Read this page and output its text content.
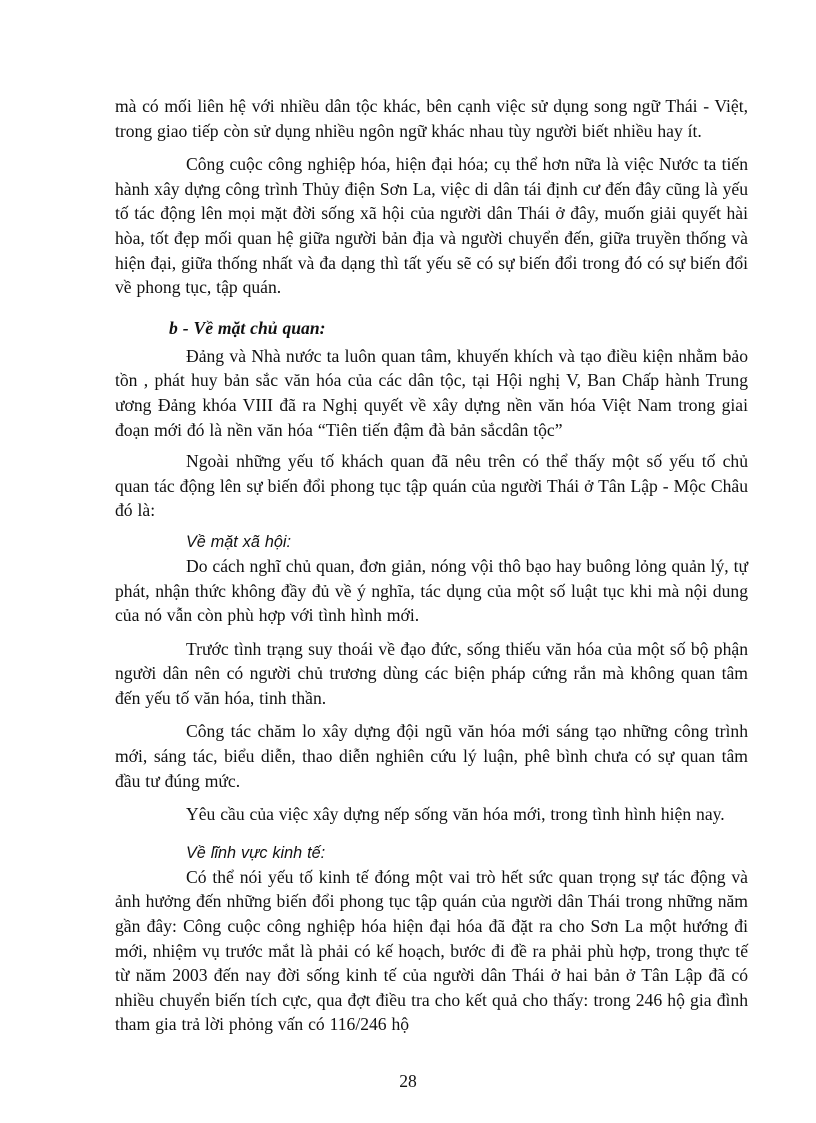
mà có mối liên hệ với nhiều dân tộc khác, bên cạnh việc sử dụng song ngữ Thái - Việt, trong giao tiếp còn sử dụng nhiều ngôn ngữ khác nhau tùy người biết nhiều hay ít.

Công cuộc công nghiệp hóa, hiện đại hóa; cụ thể hơn nữa là việc Nước ta tiến hành xây dựng công trình Thủy điện Sơn La, việc di dân tái định cư đến đây cũng là yếu tố tác động lên mọi mặt đời sống xã hội của người dân Thái ở đây, muốn giải quyết hài hòa, tốt đẹp mối quan hệ giữa người bản địa và người chuyển đến, giữa truyền thống và hiện đại, giữa thống nhất và đa dạng thì tất yếu sẽ có sự biến đổi trong đó có sự biến đổi về phong tục, tập quán.

b - Về mặt chủ quan:

Đảng và Nhà nước ta luôn quan tâm, khuyến khích và tạo điều kiện nhằm bảo tồn , phát huy bản sắc văn hóa của các dân tộc, tại Hội nghị V, Ban Chấp hành Trung ương Đảng khóa VIII đã ra Nghị quyết về xây dựng nền văn hóa Việt Nam trong giai đoạn mới đó là nền văn hóa “Tiên tiến đậm đà bản sắcdân tộc”

Ngoài những yếu tố khách quan đã nêu trên có thể thấy một số yếu tố chủ quan tác động lên sự biến đổi phong tục tập quán của người Thái ở Tân Lập - Mộc Châu đó là:

Về mặt xã hội:

Do cách nghĩ chủ quan, đơn giản, nóng vội thô bạo hay buông lỏng quản lý, tự phát, nhận thức không đầy đủ về ý nghĩa, tác dụng của một số luật tục khi mà nội dung của nó vẫn còn phù hợp với tình hình mới.

Trước tình trạng suy thoái về đạo đức, sống thiếu văn hóa của một số bộ phận người dân nên có người chủ trương dùng các biện pháp cứng rắn mà không quan tâm đến yếu tố văn hóa, tinh thần.

Công tác chăm lo xây dựng đội ngũ văn hóa mới sáng tạo những công trình mới, sáng tác, biểu diễn, thao diễn nghiên cứu lý luận, phê bình chưa có sự quan tâm đầu tư đúng mức.

Yêu cầu của việc xây dựng nếp sống văn hóa mới, trong tình hình hiện nay.

Về lĩnh vực kinh tế:

Có thể nói yếu tố kinh tế đóng một vai trò hết sức quan trọng sự tác động và ảnh hưởng đến những biến đổi phong tục tập quán của người dân Thái trong những năm gần đây: Công cuộc công nghiệp hóa hiện đại hóa đã đặt ra cho Sơn La một hướng đi mới, nhiệm vụ trước mắt là phải có kế hoạch, bước đi đề ra phải phù hợp, trong thực tế từ năm 2003 đến nay đời sống kinh tế của người dân Thái ở hai bản ở Tân Lập đã có nhiều chuyển biến tích cực, qua đợt điều tra cho kết quả cho thấy: trong 246 hộ gia đình tham gia trả lời phỏng vấn có 116/246 hộ

28
